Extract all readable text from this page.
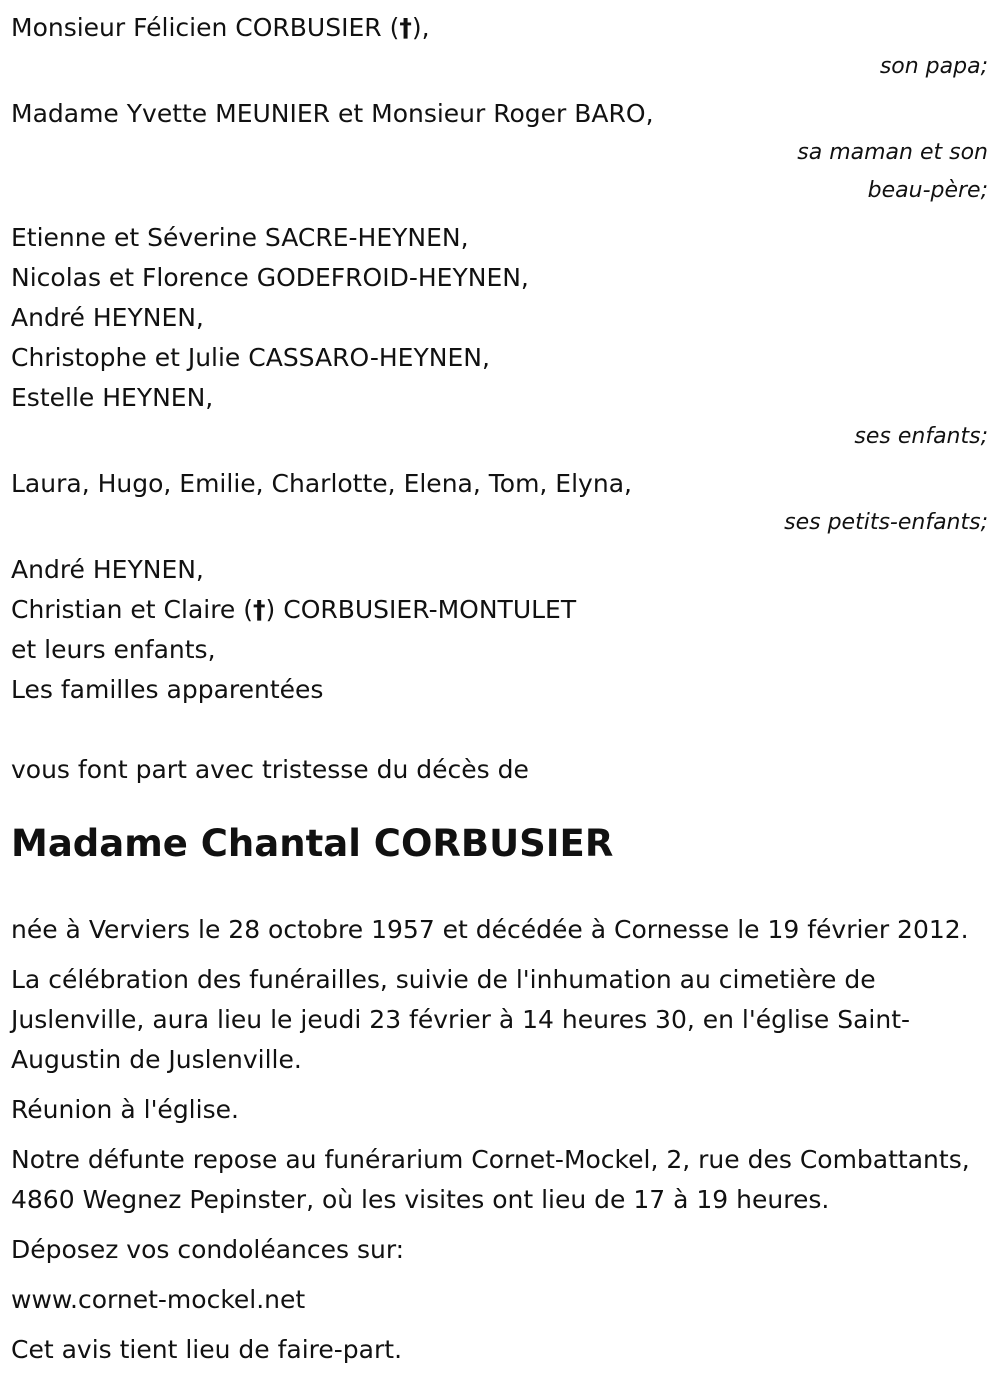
Monsieur Félicien CORBUSIER (†),
son papa;
Madame Yvette MEUNIER et Monsieur Roger BARO,
sa maman et son
beau-père;
Etienne et Séverine SACRE-HEYNEN,
Nicolas et Florence GODEFROID-HEYNEN,
André HEYNEN,
Christophe et Julie CASSARO-HEYNEN,
Estelle HEYNEN,
ses enfants;
Laura, Hugo, Emilie, Charlotte, Elena, Tom, Elyna,
ses petits-enfants;
André HEYNEN,
Christian et Claire (†) CORBUSIER-MONTULET
et leurs enfants,
Les familles apparentées
vous font part avec tristesse du décès de
Madame Chantal CORBUSIER

née à Verviers le 28 octobre 1957 et décédée à Cornesse le 19 février 2012.

La célébration des funérailles, suivie de l'inhumation au cimetière de Juslenville, aura lieu le jeudi 23 février à 14 heures 30, en l'église Saint-Augustin de Juslenville.

Réunion à l'église.

Notre défunte repose au funérarium Cornet-Mockel, 2, rue des Combattants, 4860 Wegnez Pepinster, où les visites ont lieu de 17 à 19 heures.

Déposez vos condoléances sur:

www.cornet-mockel.net

Cet avis tient lieu de faire-part.
